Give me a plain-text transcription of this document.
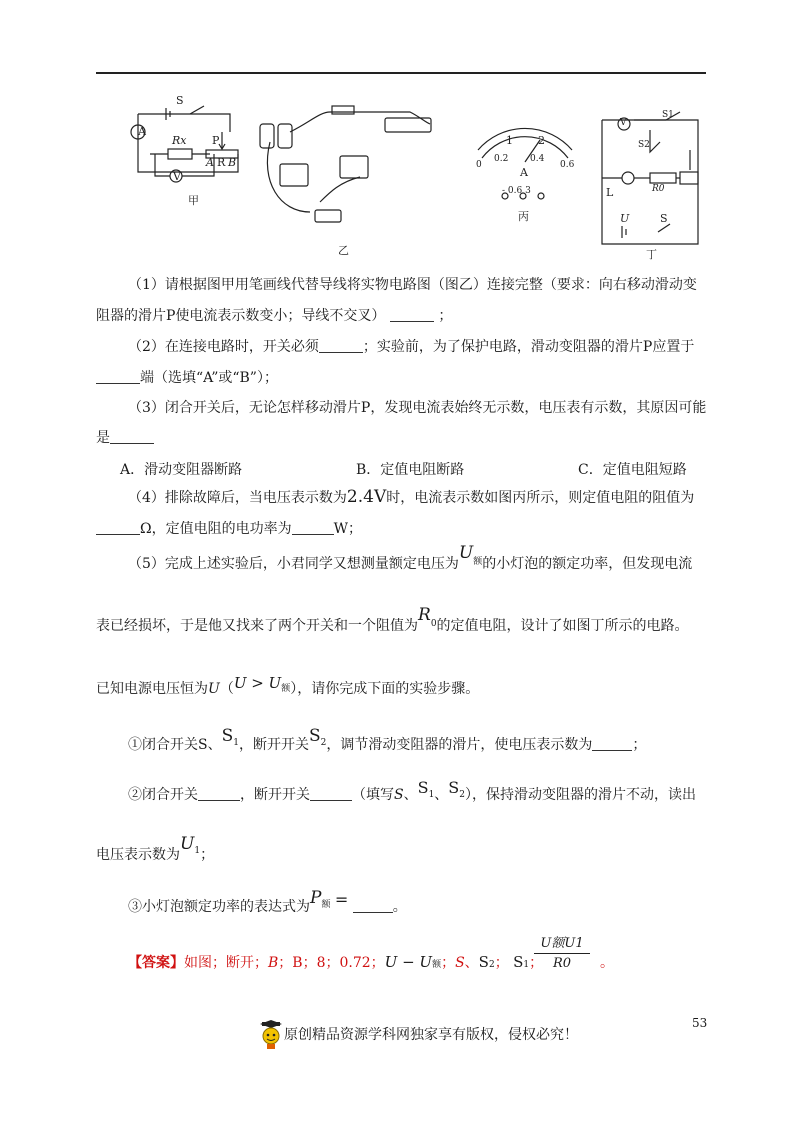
A
V
S
Rx P
A R B
甲
乙
1 2
0
0.2 0.4
0.6
A
- 0.6 3
丙
V
S1
S2
L	R0
U	S
丁
（1）请根据图甲用笔画线代替导线将实物电路图（图乙）连接完整（要求：向右移动滑动变
阻器的滑片P使电流表示数变小；导线不交叉）	；
（2）在连接电路时，开关必须	；实验前，为了保护电路，滑动变阻器的滑片P应置于
端（选填“A”或“B”）；
（3）闭合开关后，无论怎样移动滑片P，发现电流表始终无示数，电压表有示数，其原因可能
是
A．滑动变阻器断路	B．定值电阻断路	C．定值电阻短路
（4）排除故障后，当电压表示数为2.4V时，电流表示数如图丙所示，则定值电阻的阻值为
Ω，定值电阻的电功率为	W；
（5）完成上述实验后，小君同学又想测量额定电压为$U^额$的小灯泡的额定功率，但发现电流
表已经损坏，于是他又找来了两个开关和一个阻值为$R^0$的定值电阻，设计了如图丁所示的电路。
已知电源电压恒为U（U > U额），请你完成下面的实验步骤。
①闭合开关S、$S^1$，断开开关$S^2$，调节滑动变阻器的滑片，使电压表示数为	；
②闭合开关	，断开开关	（填写S、S1、S2），保持滑动变阻器的滑片不动，读出
电压表示数为$U^1$；
③小灯泡额定功率的表达式为$P^额$ =	。
【答案】如图；断开；B；B；8；0.72；U − U额；S、S2； S1；
U额U1
R0	。
53
原创精品资源学科网独家享有版权，侵权必究！
